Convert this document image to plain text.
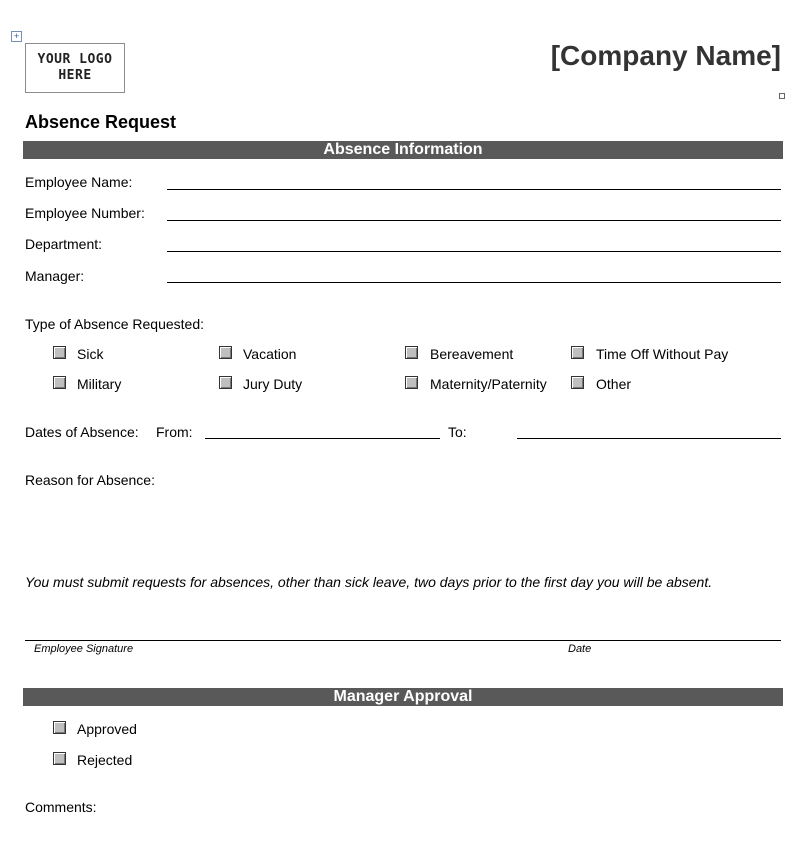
+
YOUR LOGO
HERE
[Company Name]
Absence Request
Absence Information
Employee Name:
Employee Number:
Department:
Manager:
Type of Absence Requested:
Sick	Vacation	Bereavement	Time Off Without Pay
Military	Jury Duty	Maternity/Paternity	Other
Dates of Absence: From:	To:
Reason for Absence:
You must submit requests for absences, other than sick leave, two days prior to the first day you will be absent.
Employee Signature	Date
Manager Approval
Approved
Rejected
Comments:
